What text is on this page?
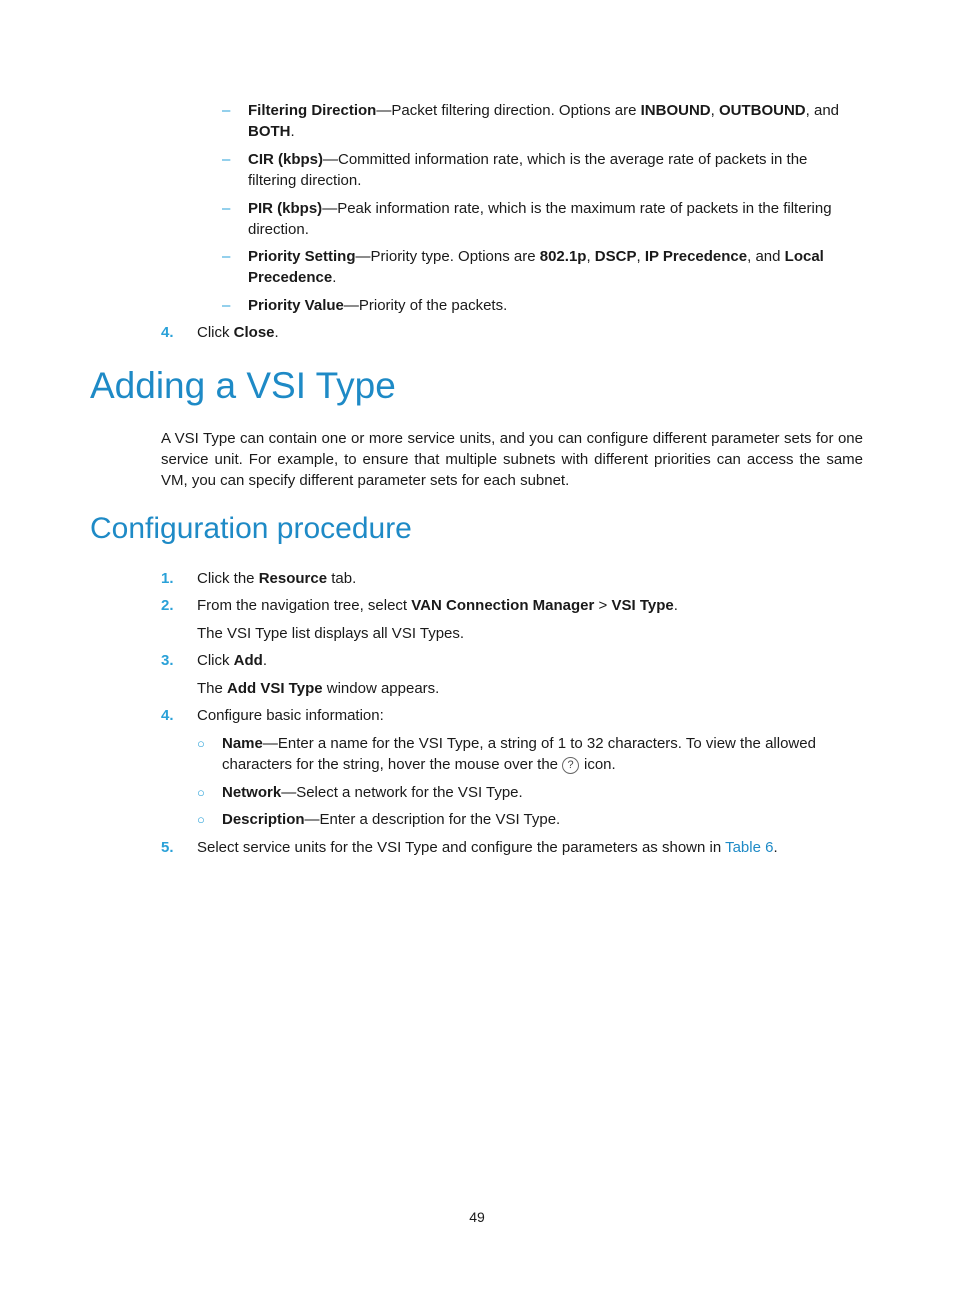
– Filtering Direction—Packet filtering direction. Options are INBOUND, OUTBOUND, and BOTH.
– CIR (kbps)—Committed information rate, which is the average rate of packets in the filtering direction.
– PIR (kbps)—Peak information rate, which is the maximum rate of packets in the filtering direction.
– Priority Setting—Priority type. Options are 802.1p, DSCP, IP Precedence, and Local Precedence.
– Priority Value—Priority of the packets.
4. Click Close.
Adding a VSI Type

A VSI Type can contain one or more service units, and you can configure different parameter sets for one service unit. For example, to ensure that multiple subnets with different priorities can access the same VM, you can specify different parameter sets for each subnet.

Configuration procedure
1. Click the Resource tab.
2. From the navigation tree, select VAN Connection Manager > VSI Type.
The VSI Type list displays all VSI Types.
3. Click Add.
The Add VSI Type window appears.
4. Configure basic information:
○ Name—Enter a name for the VSI Type, a string of 1 to 32 characters. To view the allowed characters for the string, hover the mouse over the ? icon.
○ Network—Select a network for the VSI Type.
○ Description—Enter a description for the VSI Type.
5. Select service units for the VSI Type and configure the parameters as shown in Table 6.
49
